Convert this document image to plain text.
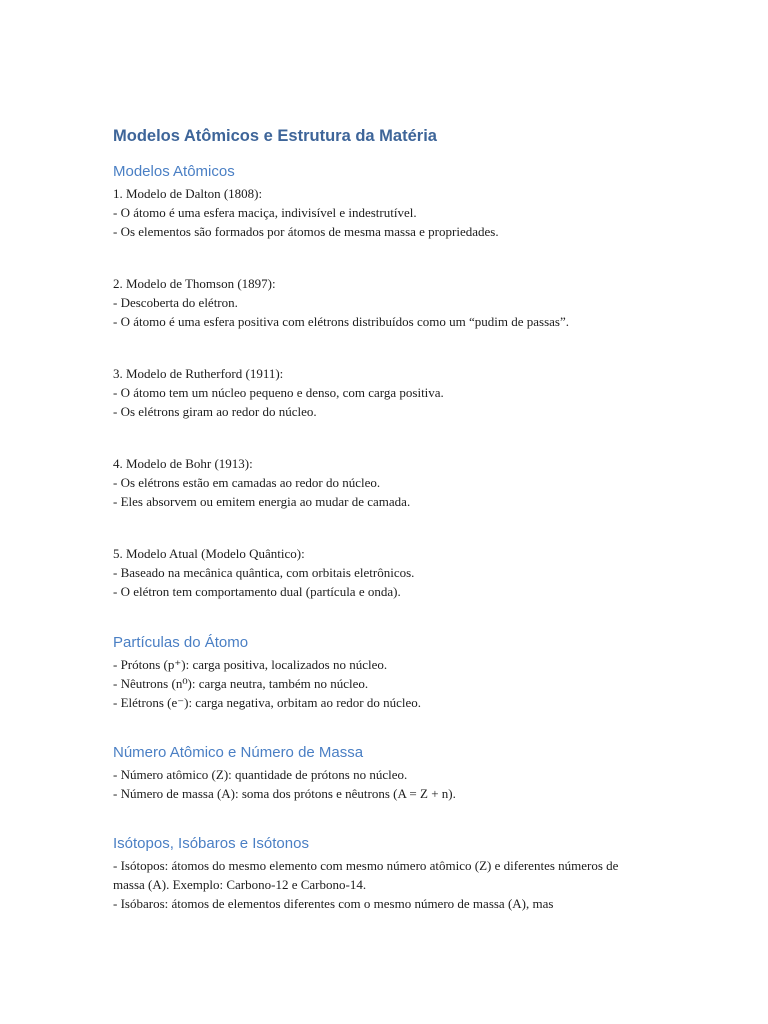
Modelos Atômicos e Estrutura da Matéria
Modelos Atômicos

1. Modelo de Dalton (1808):

- O átomo é uma esfera maciça, indivisível e indestrutível.

- Os elementos são formados por átomos de mesma massa e propriedades.

2. Modelo de Thomson (1897):

- Descoberta do elétron.

- O átomo é uma esfera positiva com elétrons distribuídos como um “pudim de passas”.

3. Modelo de Rutherford (1911):

- O átomo tem um núcleo pequeno e denso, com carga positiva.

- Os elétrons giram ao redor do núcleo.

4. Modelo de Bohr (1913):

- Os elétrons estão em camadas ao redor do núcleo.

- Eles absorvem ou emitem energia ao mudar de camada.

5. Modelo Atual (Modelo Quântico):

- Baseado na mecânica quântica, com orbitais eletrônicos.

- O elétron tem comportamento dual (partícula e onda).

Partículas do Átomo

- Prótons (p⁺): carga positiva, localizados no núcleo.

- Nêutrons (n⁰): carga neutra, também no núcleo.

- Elétrons (e⁻): carga negativa, orbitam ao redor do núcleo.

Número Atômico e Número de Massa

- Número atômico (Z): quantidade de prótons no núcleo.

- Número de massa (A): soma dos prótons e nêutrons (A = Z + n).

Isótopos, Isóbaros e Isótonos

- Isótopos: átomos do mesmo elemento com mesmo número atômico (Z) e diferentes números de massa (A). Exemplo: Carbono-12 e Carbono-14.

- Isóbaros: átomos de elementos diferentes com o mesmo número de massa (A), mas
